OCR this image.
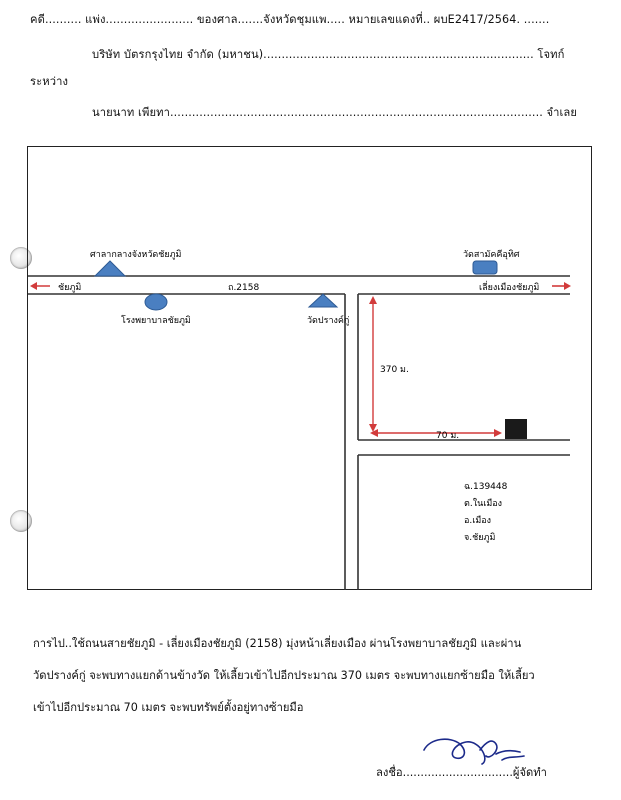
คดี.......... แพ่ง........................ ของศาล.......จังหวัดชุมแพ..... หมายเลขแดงที่.. ผบE2417/2564. .......
บริษัท บัตรกรุงไทย จำกัด (มหาชน).......................................................................... โจทก์
ระหว่าง
นายนาท เพียทา...................................................................................................... จำเลย
ศาลากลางจังหวัดชัยภูมิ	วัดสามัคคีอุทิศ
ชัยภูมิ	ถ.2158	เลี่ยงเมืองชัยภูมิ
โรงพยาบาลชัยภูมิ	วัดปรางค์กู่
370 ม.
70 ม.
ฉ.139448
ต.ในเมือง
อ.เมือง
จ.ชัยภูมิ
การไป..ใช้ถนนสายชัยภูมิ - เลี่ยงเมืองชัยภูมิ (2158) มุ่งหน้าเลี่ยงเมือง ผ่านโรงพยาบาลชัยภูมิ และผ่าน
วัดปรางค์กู่ จะพบทางแยกด้านข้างวัด ให้เลี้ยวเข้าไปอีกประมาณ 370 เมตร จะพบทางแยกซ้ายมือ ให้เลี้ยว
เข้าไปอีกประมาณ 70 เมตร จะพบทรัพย์ตั้งอยู่ทางซ้ายมือ
ลงชื่อ...............................ผู้จัดทำ
